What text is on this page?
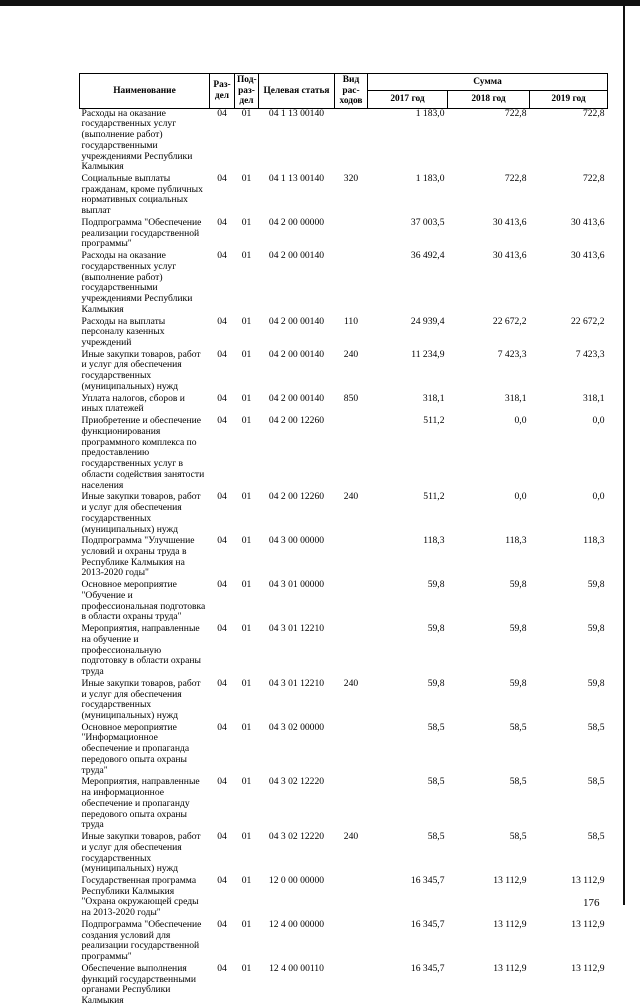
Наименование	Раз-дел	Под-раз-дел	Целевая статья	Вид рас-ходов	Сумма		
					2017 год	2018 год	2019 год
Расходы на оказание государственных услуг (выполнение работ) государственными учреждениями Республики Калмыкия	04	01	04 1 13 00140		1 183,0	722,8	722,8
Социальные выплаты гражданам, кроме публичных нормативных социальных выплат	04	01	04 1 13 00140	320	1 183,0	722,8	722,8
Подпрограмма "Обеспечение реализации государственной программы"	04	01	04 2 00 00000		37 003,5	30 413,6	30 413,6
Расходы на оказание государственных услуг (выполнение работ) государственными учреждениями Республики Калмыкия	04	01	04 2 00 00140		36 492,4	30 413,6	30 413,6
Расходы на выплаты персоналу казенных учреждений	04	01	04 2 00 00140	110	24 939,4	22 672,2	22 672,2
Иные закупки товаров, работ и услуг для обеспечения государственных (муниципальных) нужд	04	01	04 2 00 00140	240	11 234,9	7 423,3	7 423,3
Уплата налогов, сборов и иных платежей	04	01	04 2 00 00140	850	318,1	318,1	318,1
Приобретение и обеспечение функционирования программного комплекса по предоставлению государственных услуг в области содействия занятости населения	04	01	04 2 00 12260		511,2	0,0	0,0
Иные закупки товаров, работ и услуг для обеспечения государственных (муниципальных) нужд	04	01	04 2 00 12260	240	511,2	0,0	0,0
Подпрограмма "Улучшение условий и охраны труда в Республике Калмыкия на 2013-2020 годы"	04	01	04 3 00 00000		118,3	118,3	118,3
Основное мероприятие "Обучение и профессиональная подготовка в области охраны труда"	04	01	04 3 01 00000		59,8	59,8	59,8
Мероприятия, направленные на обучение и профессиональную подготовку в области охраны труда	04	01	04 3 01 12210		59,8	59,8	59,8
Иные закупки товаров, работ и услуг для обеспечения государственных (муниципальных) нужд	04	01	04 3 01 12210	240	59,8	59,8	59,8
Основное мероприятие "Информационное обеспечение и пропаганда передового опыта охраны труда"	04	01	04 3 02 00000		58,5	58,5	58,5
Мероприятия, направленные на информационное обеспечение и пропаганду передового опыта охраны труда	04	01	04 3 02 12220		58,5	58,5	58,5
Иные закупки товаров, работ и услуг для обеспечения государственных (муниципальных) нужд	04	01	04 3 02 12220	240	58,5	58,5	58,5
Государственная программа Республики Калмыкия "Охрана окружающей среды на 2013-2020 годы"	04	01	12 0 00 00000		16 345,7	13 112,9	13 112,9
Подпрограмма "Обеспечение создания условий для реализации государственной программы"	04	01	12 4 00 00000		16 345,7	13 112,9	13 112,9
Обеспечение выполнения функций государственными органами Республики Калмыкия	04	01	12 4 00 00110		16 345,7	13 112,9	13 112,9
176
